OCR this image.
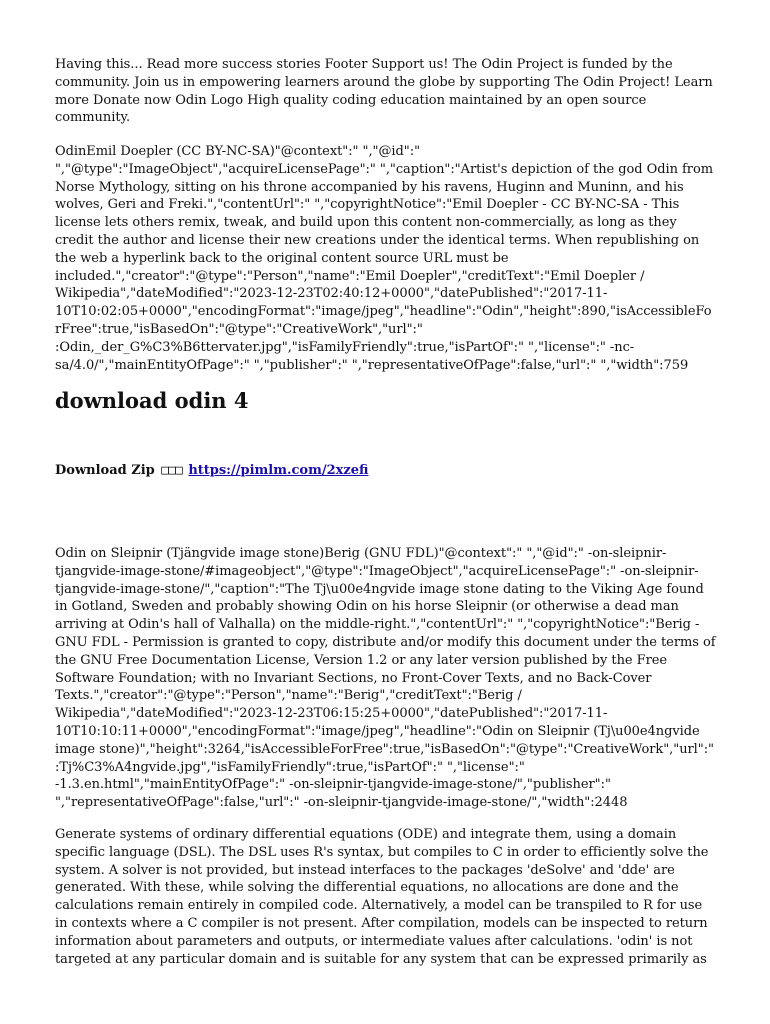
Having this... Read more success stories Footer Support us! The Odin Project is funded by the community. Join us in empowering learners around the globe by supporting The Odin Project! Learn more Donate now Odin Logo High quality coding education maintained by an open source community.

OdinEmil Doepler (CC BY-NC-SA)"@context":" ","@id":" ","@type":"ImageObject","acquireLicensePage":" ","caption":"Artist's depiction of the god Odin from Norse Mythology, sitting on his throne accompanied by his ravens, Huginn and Muninn, and his wolves, Geri and Freki.","contentUrl":" ","copyrightNotice":"Emil Doepler - CC BY-NC-SA - This license lets others remix, tweak, and build upon this content non-commercially, as long as they credit the author and license their new creations under the identical terms. When republishing on the web a hyperlink back to the original content source URL must be included.","creator":"@type":"Person","name":"Emil Doepler","creditText":"Emil Doepler / Wikipedia","dateModified":"2023-12-23T02:40:12+0000","datePublished":"2017-11-10T10:02:05+0000","encodingFormat":"image/jpeg","headline":"Odin","height":890,"isAccessibleForFree":true,"isBasedOn":"@type":"CreativeWork","url":" :Odin,_der_G%C3%B6ttervater.jpg","isFamilyFriendly":true,"isPartOf":" ","license":" -nc-sa/4.0/","mainEntityOfPage":" ","publisher":" ","representativeOfPage":false,"url":" ","width":759

download odin 4
Download Zip □□□ https://pimlm.com/2xzefi

Odin on Sleipnir (Tjängvide image stone)Berig (GNU FDL)"@context":" ","@id":" -on-sleipnir-tjangvide-image-stone/#imageobject","@type":"ImageObject","acquireLicensePage":" -on-sleipnir-tjangvide-image-stone/","caption":"The Tj\u00e4ngvide image stone dating to the Viking Age found in Gotland, Sweden and probably showing Odin on his horse Sleipnir (or otherwise a dead man arriving at Odin's hall of Valhalla) on the middle-right.","contentUrl":" ","copyrightNotice":"Berig - GNU FDL - Permission is granted to copy, distribute and/or modify this document under the terms of the GNU Free Documentation License, Version 1.2 or any later version published by the Free Software Foundation; with no Invariant Sections, no Front-Cover Texts, and no Back-Cover Texts.","creator":"@type":"Person","name":"Berig","creditText":"Berig / Wikipedia","dateModified":"2023-12-23T06:15:25+0000","datePublished":"2017-11-10T10:10:11+0000","encodingFormat":"image/jpeg","headline":"Odin on Sleipnir (Tj\u00e4ngvide image stone)","height":3264,"isAccessibleForFree":true,"isBasedOn":"@type":"CreativeWork","url":" :Tj%C3%A4ngvide.jpg","isFamilyFriendly":true,"isPartOf":" ","license":" -1.3.en.html","mainEntityOfPage":" -on-sleipnir-tjangvide-image-stone/","publisher":" ","representativeOfPage":false,"url":" -on-sleipnir-tjangvide-image-stone/","width":2448

Generate systems of ordinary differential equations (ODE) and integrate them, using a domain specific language (DSL). The DSL uses R's syntax, but compiles to C in order to efficiently solve the system. A solver is not provided, but instead interfaces to the packages 'deSolve' and 'dde' are generated. With these, while solving the differential equations, no allocations are done and the calculations remain entirely in compiled code. Alternatively, a model can be transpiled to R for use in contexts where a C compiler is not present. After compilation, models can be inspected to return information about parameters and outputs, or intermediate values after calculations. 'odin' is not targeted at any particular domain and is suitable for any system that can be expressed primarily as
